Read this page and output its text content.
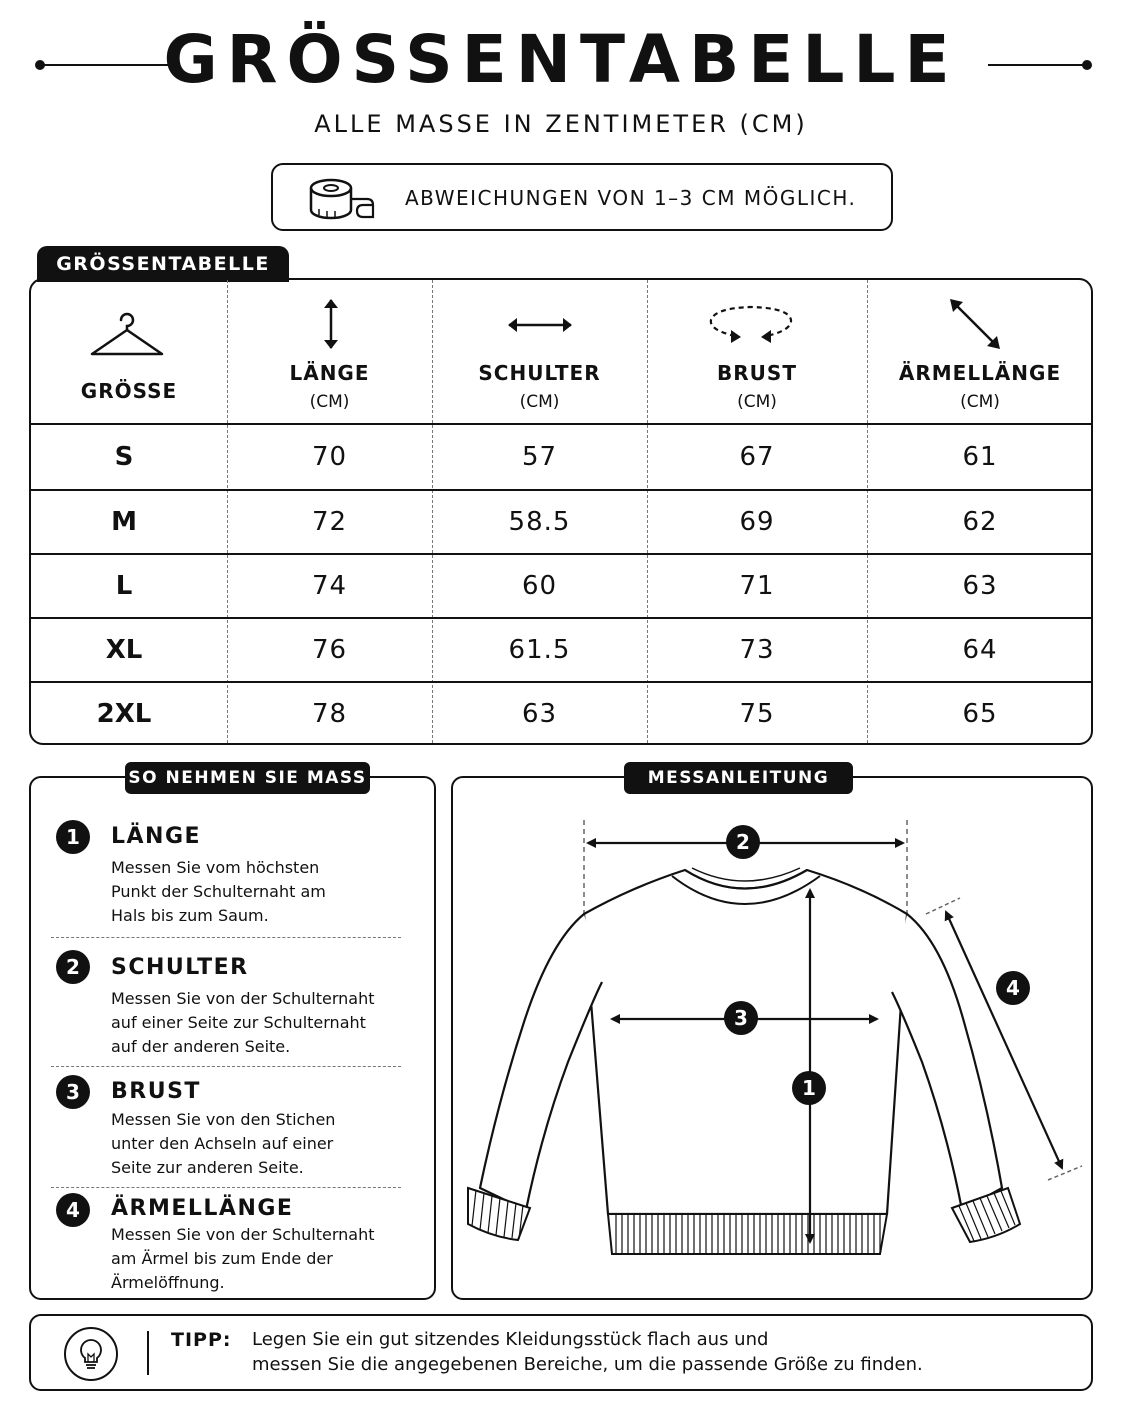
GRÖSSENTABELLE
ALLE MASSE IN ZENTIMETER (CM)
ABWEICHUNGEN VON 1–3 CM MÖGLICH.
GRÖSSENTABELLE
GRÖSSE
LÄNGE
(CM)
SCHULTER
(CM)
BRUST
(CM)
ÄRMELLÄNGE
(CM)
S	70	57	67	61
M	72	58.5	69	62
L	74	60	71	63
XL	76	61.5	73	64
2XL	78	63	75	65
1	LÄNGE
Messen Sie vom höchsten
Punkt der Schulternaht am
Hals bis zum Saum.
2	SCHULTER
Messen Sie von der Schulternaht
auf einer Seite zur Schulternaht
auf der anderen Seite.
3	BRUST
Messen Sie von den Stichen
unter den Achseln auf einer
Seite zur anderen Seite.
4	ÄRMELLÄNGE
Messen Sie von der Schulternaht
am Ärmel bis zum Ende der
Ärmelöffnung.
SO NEHMEN SIE MASS
2
3
1
4
MESSANLEITUNG
TIPP: Legen Sie ein gut sitzendes Kleidungsstück flach aus und
messen Sie die angegebenen Bereiche, um die passende Größe zu finden.
